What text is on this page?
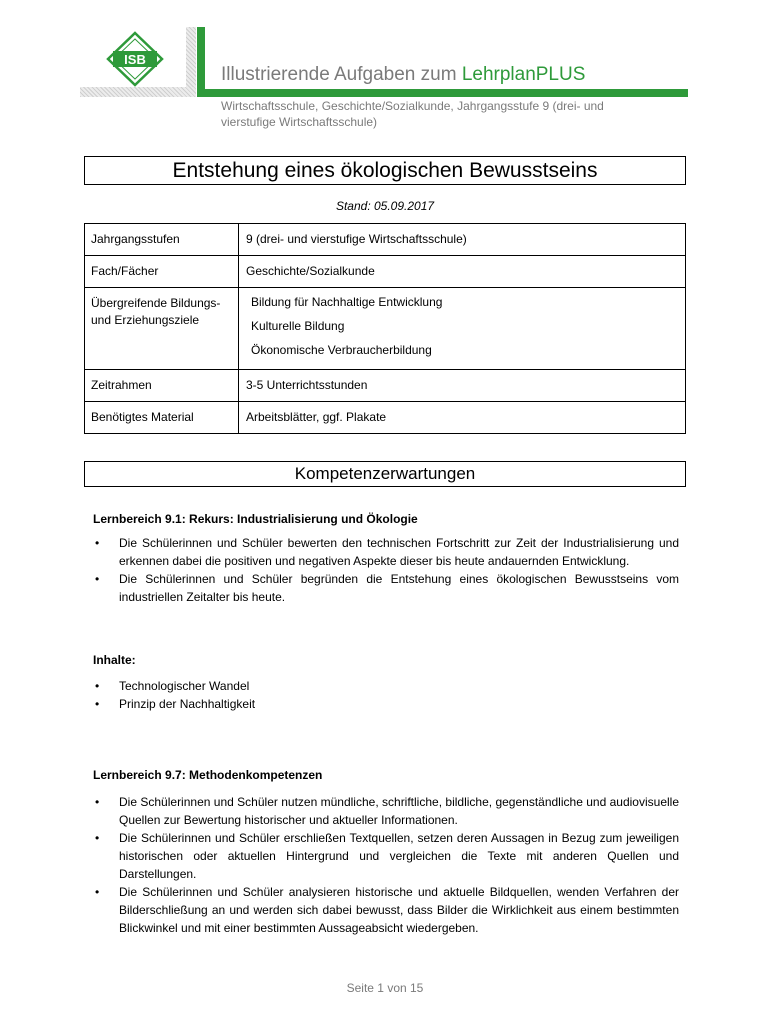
ISB
Illustrierende Aufgaben zum LehrplanPLUS
Wirtschaftsschule, Geschichte/Sozialkunde, Jahrgangsstufe 9 (drei- und vierstufige Wirtschaftsschule)
Entstehung eines ökologischen Bewusstseins
Stand: 05.09.2017
Jahrgangsstufen	9 (drei- und vierstufige Wirtschaftsschule)
Fach/Fächer	Geschichte/Sozialkunde
Übergreifende Bildungs- und Erziehungsziele	Bildung für Nachhaltige Entwicklung
Kulturelle Bildung
Ökonomische Verbraucherbildung

Zeitrahmen	3-5 Unterrichtsstunden
Benötigtes Material	Arbeitsblätter, ggf. Plakate
Kompetenzerwartungen
Lernbereich 9.1: Rekurs: Industrialisierung und Ökologie
• Die Schülerinnen und Schüler bewerten den technischen Fortschritt zur Zeit der Industrialisierung und erkennen dabei die positiven und negativen Aspekte dieser bis heute andauernden Entwicklung.
• Die Schülerinnen und Schüler begründen die Entstehung eines ökologischen Bewusstseins vom industriellen Zeitalter bis heute.
Inhalte:
• Technologischer Wandel
• Prinzip der Nachhaltigkeit
Lernbereich 9.7: Methodenkompetenzen
• Die Schülerinnen und Schüler nutzen mündliche, schriftliche, bildliche, gegenständliche und audiovisuelle Quellen zur Bewertung historischer und aktueller Informationen.
• Die Schülerinnen und Schüler erschließen Textquellen, setzen deren Aussagen in Bezug zum jeweiligen historischen oder aktuellen Hintergrund und vergleichen die Texte mit anderen Quellen und Darstellungen.
• Die Schülerinnen und Schüler analysieren historische und aktuelle Bildquellen, wenden Verfahren der Bilderschließung an und werden sich dabei bewusst, dass Bilder die Wirklichkeit aus einem bestimmten Blickwinkel und mit einer bestimmten Aussageabsicht wiedergeben.
Seite 1 von 15
